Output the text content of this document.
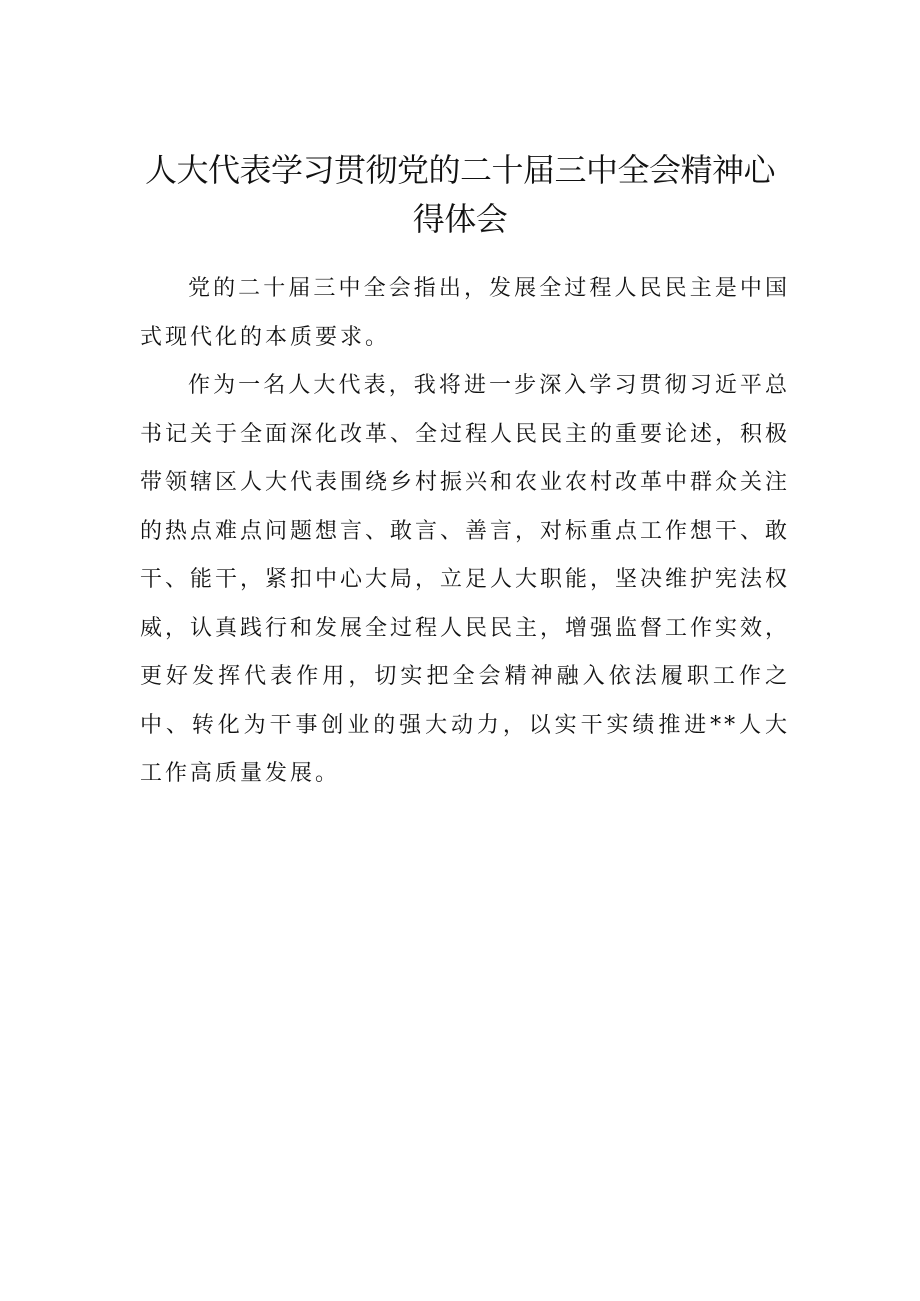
人大代表学习贯彻党的二十届三中全会精神心得体会

党的二十届三中全会指出，发展全过程人民民主是中国式现代化的本质要求。

作为一名人大代表，我将进一步深入学习贯彻习近平总书记关于全面深化改革、全过程人民民主的重要论述，积极带领辖区人大代表围绕乡村振兴和农业农村改革中群众关注的热点难点问题想言、敢言、善言，对标重点工作想干、敢干、能干，紧扣中心大局，立足人大职能，坚决维护宪法权威，认真践行和发展全过程人民民主，增强监督工作实效，更好发挥代表作用，切实把全会精神融入依法履职工作之中、转化为干事创业的强大动力，以实干实绩推进**人大工作高质量发展。
